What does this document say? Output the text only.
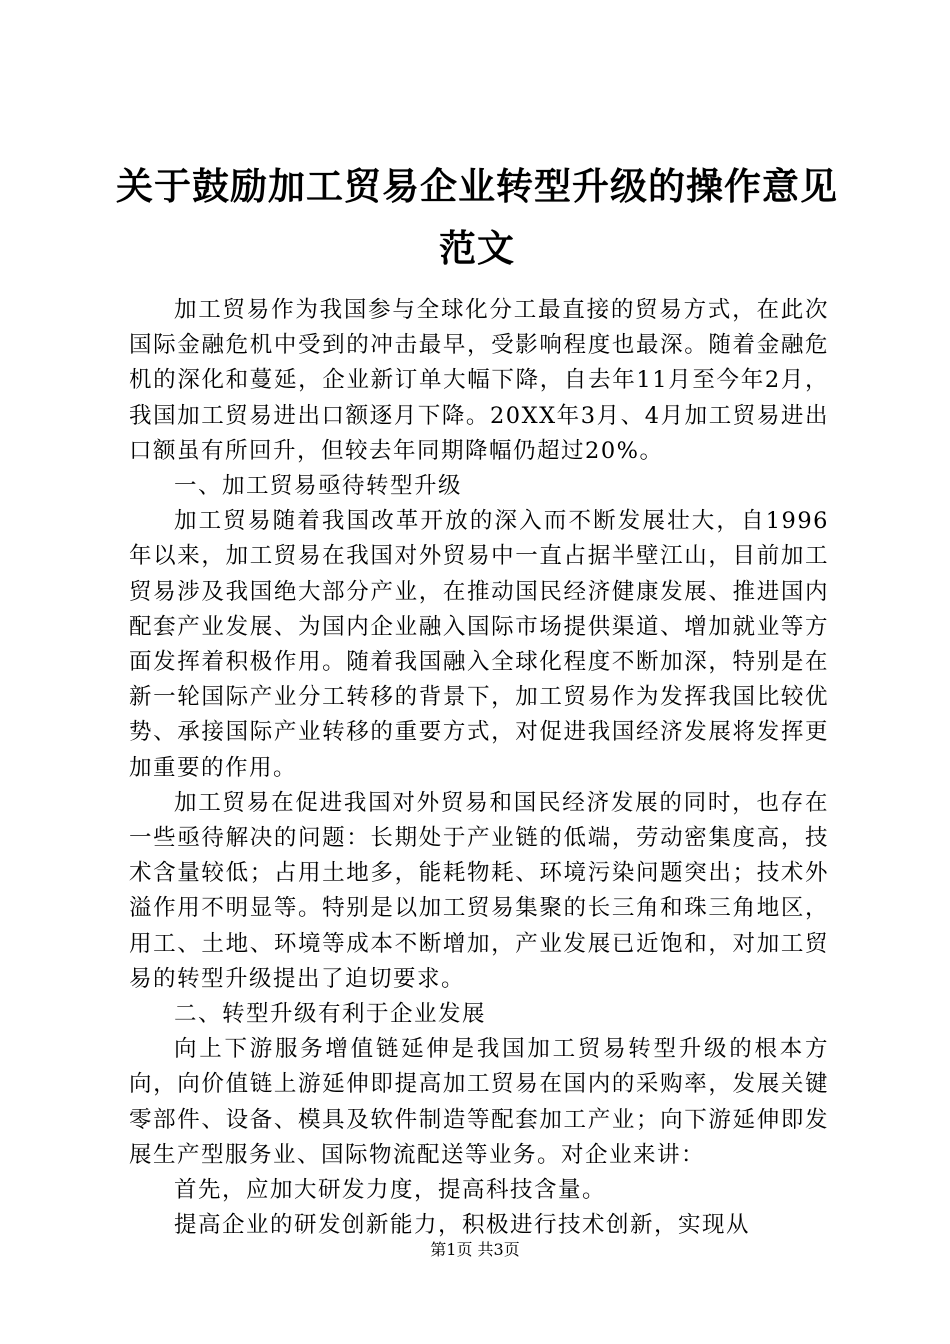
关于鼓励加工贸易企业转型升级的操作意见范文

加工贸易作为我国参与全球化分工最直接的贸易方式，在此次国际金融危机中受到的冲击最早，受影响程度也最深。随着金融危机的深化和蔓延，企业新订单大幅下降，自去年11月至今年2月，我国加工贸易进出口额逐月下降。20XX年3月、4月加工贸易进出口额虽有所回升，但较去年同期降幅仍超过20%。

一、加工贸易亟待转型升级

加工贸易随着我国改革开放的深入而不断发展壮大，自1996年以来，加工贸易在我国对外贸易中一直占据半壁江山，目前加工贸易涉及我国绝大部分产业，在推动国民经济健康发展、推进国内配套产业发展、为国内企业融入国际市场提供渠道、增加就业等方面发挥着积极作用。随着我国融入全球化程度不断加深，特别是在新一轮国际产业分工转移的背景下，加工贸易作为发挥我国比较优势、承接国际产业转移的重要方式，对促进我国经济发展将发挥更加重要的作用。

加工贸易在促进我国对外贸易和国民经济发展的同时，也存在一些亟待解决的问题：长期处于产业链的低端，劳动密集度高，技术含量较低；占用土地多，能耗物耗、环境污染问题突出；技术外溢作用不明显等。特别是以加工贸易集聚的长三角和珠三角地区，用工、土地、环境等成本不断增加，产业发展已近饱和，对加工贸易的转型升级提出了迫切要求。

二、转型升级有利于企业发展

向上下游服务增值链延伸是我国加工贸易转型升级的根本方向，向价值链上游延伸即提高加工贸易在国内的采购率，发展关键零部件、设备、模具及软件制造等配套加工产业；向下游延伸即发展生产型服务业、国际物流配送等业务。对企业来讲：

首先，应加大研发力度，提高科技含量。

提高企业的研发创新能力，积极进行技术创新，实现从

第1页 共3页
